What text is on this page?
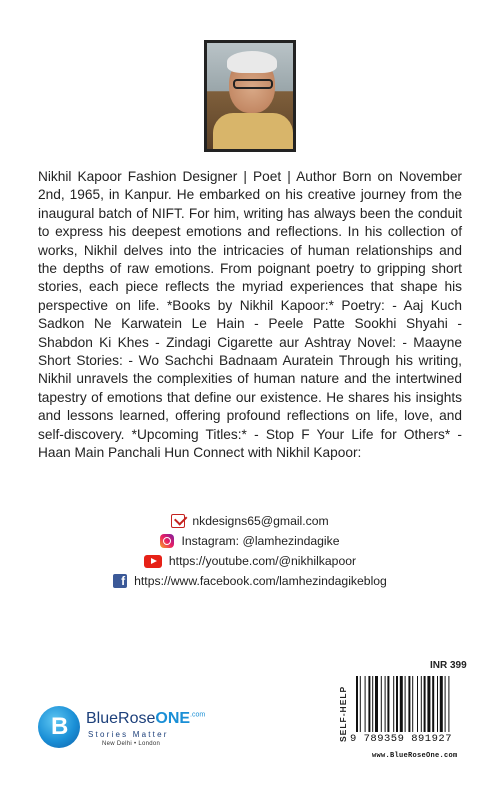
Nikhil Kapoor Fashion Designer | Poet | Author Born on November 2nd, 1965, in Kanpur. He embarked on his creative journey from the inaugural batch of NIFT. For him, writing has always been the conduit to express his deepest emotions and reflections. In his collection of works, Nikhil delves into the intricacies of human relationships and the depths of raw emotions. From poignant poetry to gripping short stories, each piece reflects the myriad experiences that shape his perspective on life. *Books by Nikhil Kapoor:* Poetry: - Aaj Kuch Sadkon Ne Karwatein Le Hain - Peele Patte Sookhi Shyahi - Shabdon Ki Khes - Zindagi Cigarette aur Ashtray Novel: - Maayne Short Stories: - Wo Sachchi Badnaam Auratein Through his writing, Nikhil unravels the complexities of human nature and the intertwined tapestry of emotions that define our existence. He shares his insights and lessons learned, offering profound reflections on life, love, and self-discovery. *Upcoming Titles:* - Stop F Your Life for Others* - Haan Main Panchali Hun Connect with Nikhil Kapoor:

nkdesigns65@gmail.com
Instagram: @lamhezindagike
https://youtube.com/@nikhilkapoor
f https://www.facebook.com/lamhezindagikeblog
B
BlueRoseONE$^{.com}$
Stories Matter
New Delhi • London
INR 399
SELF-HELP 9 789359 891927
www.BlueRoseOne.com
